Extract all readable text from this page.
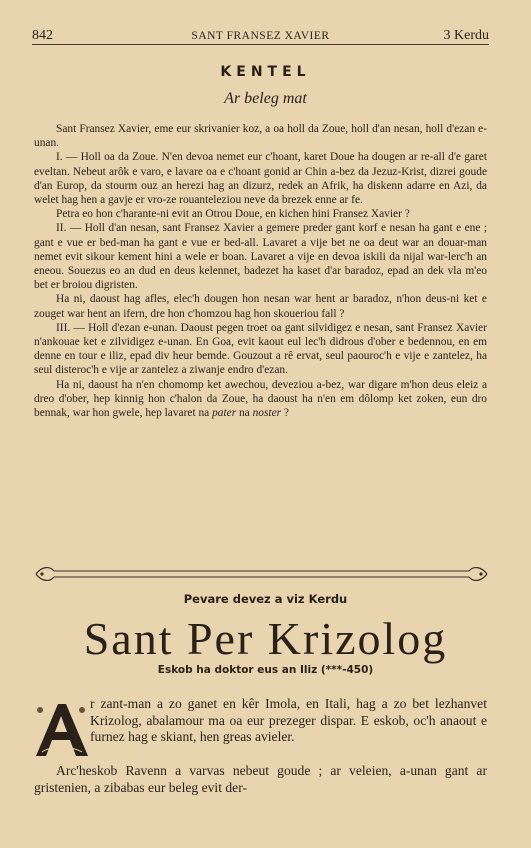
842	SANT FRANSEZ XAVIER	3 Kerdu
KENTEL
Ar beleg mat

Sant Fransez Xavier, eme eur skrivanier koz, a oa holl da Zoue, holl d'an nesan, holl d'ezan e-unan.

I. — Holl oa da Zoue. N'en devoa nemet eur c'hoant, karet Doue ha dougen ar re-all d'e garet eveltan. Nebeut arôk e varo, e lavare oa e c'hoant gonid ar Chin a-bez da Jezuz-Krist, dizrei goude d'an Europ, da stourm ouz an herezi hag an dizurz, redek an Afrik, ha diskenn adarre en Azi, da welet hag hen a gavje er vro-ze rouanteleziou neve da brezek enne ar fe.

Petra eo hon c'harante-ni evit an Otrou Doue, en kichen hini Fransez Xavier ?

II. — Holl d'an nesan, sant Fransez Xavier a gemere preder gant korf e nesan ha gant e ene ; gant e vue er bed-man ha gant e vue er bed-all. Lavaret a vije bet ne oa deut war an douar-man nemet evit sikour kement hini a wele er boan. Lavaret a vije en devoa iskili da nijal war-lerc'h an eneou. Souezus eo an dud en deus kelennet, badezet ha kaset d'ar baradoz, epad an dek vla m'eo bet er broiou digristen.

Ha ni, daoust hag afles, elec'h dougen hon nesan war hent ar baradoz, n'hon deus-ni ket e zouget war hent an ifern, dre hon c'homzou hag hon skoueriou fall ?

III. — Holl d'ezan e-unan. Daoust pegen troet oa gant silvidigez e nesan, sant Fransez Xavier n'ankouae ket e zilvidigez e-unan. En Goa, evit kaout eul lec'h didrous d'ober e bedennou, en em denne en tour e iliz, epad div heur bemde. Gouzout a rê ervat, seul paouroc'h e vije e zantelez, ha seul disteroc'h e vije ar zantelez a ziwanje endro d'ezan.

Ha ni, daoust ha n'en chomomp ket awechou, deveziou a-bez, war digare m'hon deus eleiz a dreo d'ober, hep kinnig hon c'halon da Zoue, ha daoust ha n'en em dôlomp ket zoken, eun dro bennak, war hon gwele, hep lavaret na pater na noster ?

Pevare devez a viz Kerdu
Sant Per Krizolog
Eskob ha doktor eus an Iliz (***-450)

r zant-man a zo ganet en kêr Imola, en Itali, hag a zo bet lezhanvet Krizolog, abalamour ma oa eur prezeger dispar. E eskob, oc'h anaout e furnez hag e skiant, hen greas avieler.

Arc'heskob Ravenn a varvas nebeut goude ; ar veleien, a-unan gant ar gristenien, a zibabas eur beleg evit der-
